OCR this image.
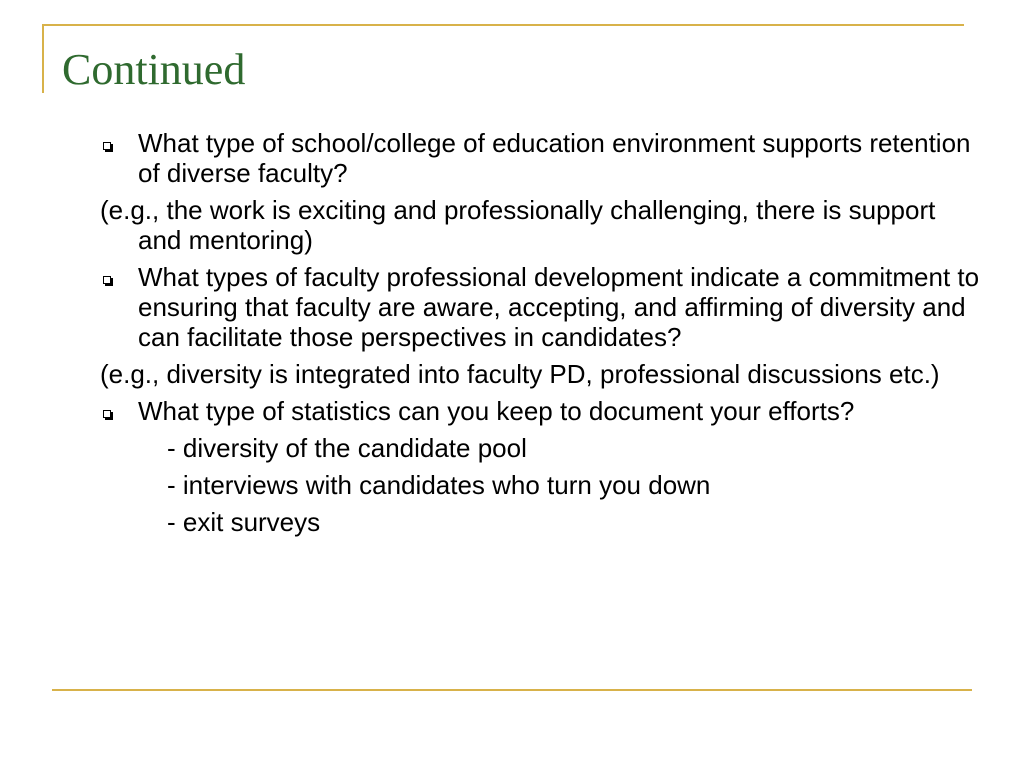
Continued

What type of school/college of education environment supports retention of diverse faculty?

(e.g., the work is exciting and professionally challenging, there is support and mentoring)

What types of faculty professional development indicate a commitment to ensuring that faculty are aware, accepting, and affirming of diversity and can facilitate those perspectives in candidates?

(e.g., diversity is integrated into faculty PD, professional discussions etc.)

What type of statistics can you keep to document your efforts?

- diversity of the candidate pool

- interviews with candidates who turn you down

- exit surveys
